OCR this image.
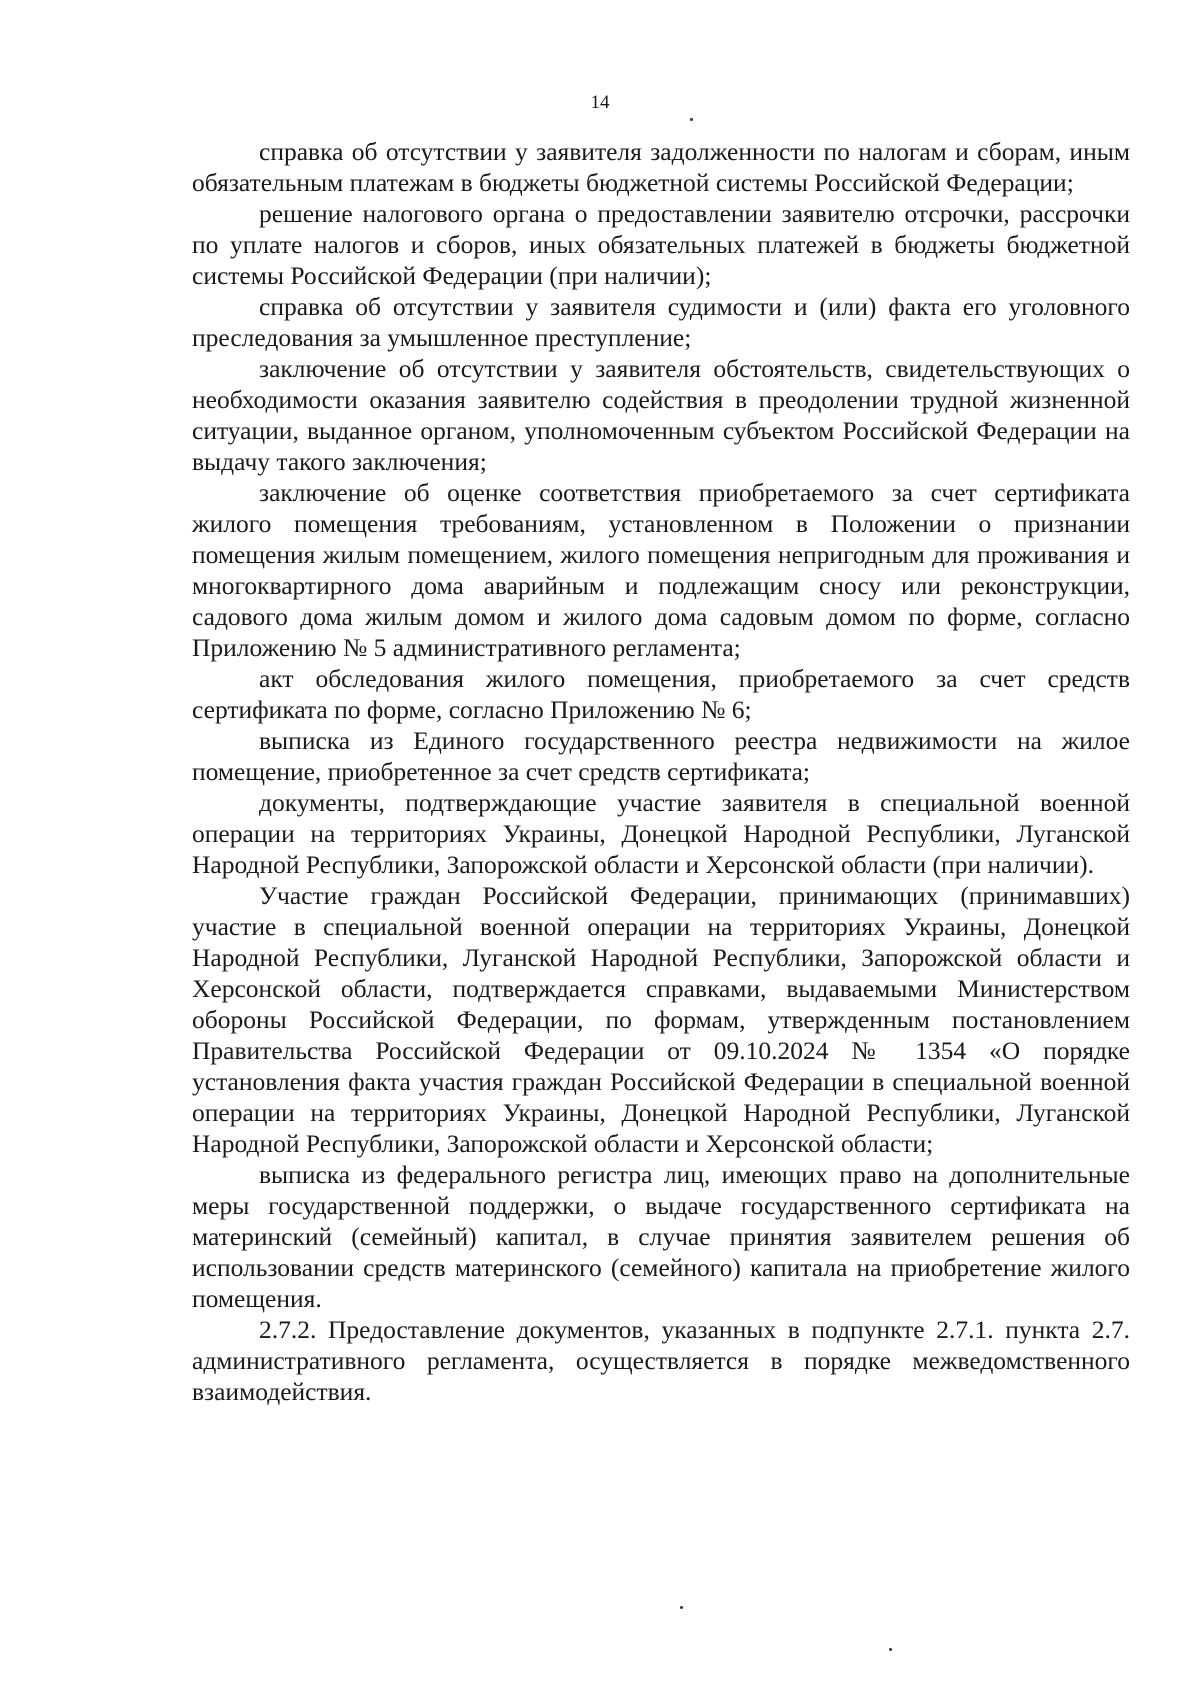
14

справка об отсутствии у заявителя задолженности по налогам и сборам, иным обязательным платежам в бюджеты бюджетной системы Российской Федерации;

решение налогового органа о предоставлении заявителю отсрочки, рассрочки по уплате налогов и сборов, иных обязательных платежей в бюджеты бюджетной системы Российской Федерации (при наличии);

справка об отсутствии у заявителя судимости и (или) факта его уголовного преследования за умышленное преступление;

заключение об отсутствии у заявителя обстоятельств, свидетельствующих о необходимости оказания заявителю содействия в преодолении трудной жизненной ситуации, выданное органом, уполномоченным субъектом Российской Федерации на выдачу такого заключения;

заключение об оценке соответствия приобретаемого за счет сертификата жилого помещения требованиям, установленном в Положении о признании помещения жилым помещением, жилого помещения непригодным для проживания и многоквартирного дома аварийным и подлежащим сносу или реконструкции, садового дома жилым домом и жилого дома садовым домом по форме, согласно Приложению № 5 административного регламента;

акт обследования жилого помещения, приобретаемого за счет средств сертификата по форме, согласно Приложению № 6;

выписка из Единого государственного реестра недвижимости на жилое помещение, приобретенное за счет средств сертификата;

документы, подтверждающие участие заявителя в специальной военной операции на территориях Украины, Донецкой Народной Республики, Луганской Народной Республики, Запорожской области и Херсонской области (при наличии).

Участие граждан Российской Федерации, принимающих (принимавших) участие в специальной военной операции на территориях Украины, Донецкой Народной Республики, Луганской Народной Республики, Запорожской области и Херсонской области, подтверждается справками, выдаваемыми Министерством обороны Российской Федерации, по формам, утвержденным постановлением Правительства Российской Федерации от 09.10.2024 № 1354 «О порядке установления факта участия граждан Российской Федерации в специальной военной операции на территориях Украины, Донецкой Народной Республики, Луганской Народной Республики, Запорожской области и Херсонской области;

выписка из федерального регистра лиц, имеющих право на дополнительные меры государственной поддержки, о выдаче государственного сертификата на материнский (семейный) капитал, в случае принятия заявителем решения об использовании средств материнского (семейного) капитала на приобретение жилого помещения.

2.7.2. Предоставление документов, указанных в подпункте 2.7.1. пункта 2.7. административного регламента, осуществляется в порядке межведомственного взаимодействия.
